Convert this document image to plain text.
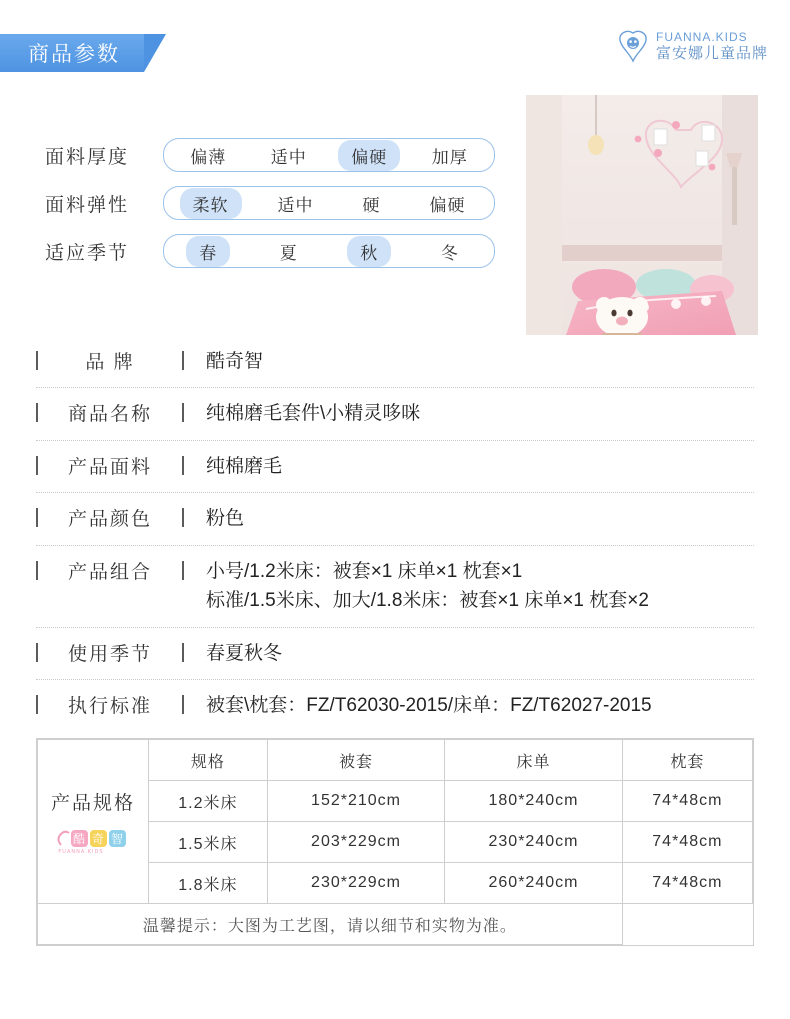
商品参数
FUANNA.KIDS
富安娜儿童品牌
面料厚度	偏薄	适中	偏硬	加厚
面料弹性	柔软	适中	硬	偏硬
适应季节	春	夏	秋	冬
品 牌	酷奇智
商品名称	纯棉磨毛套件\小精灵哆咪
产品面料	纯棉磨毛
产品颜色	粉色
产品组合	小号/1.2米床：被套×1 床单×1 枕套×1
标准/1.5米床、加大/1.8米床：被套×1 床单×1 枕套×2
使用季节	春夏秋冬
执行标准	被套\枕套：FZ/T62030-2015/床单：FZ/T62027-2015
产品规格
酷 奇 智
FUANNA.KIDS	规格	被套	床单	枕套
	1.2米床	152*210cm	180*240cm	74*48cm
	1.5米床	203*229cm	230*240cm	74*48cm
	1.8米床	230*229cm	260*240cm	74*48cm
温馨提示：大图为工艺图，请以细节和实物为准。				
